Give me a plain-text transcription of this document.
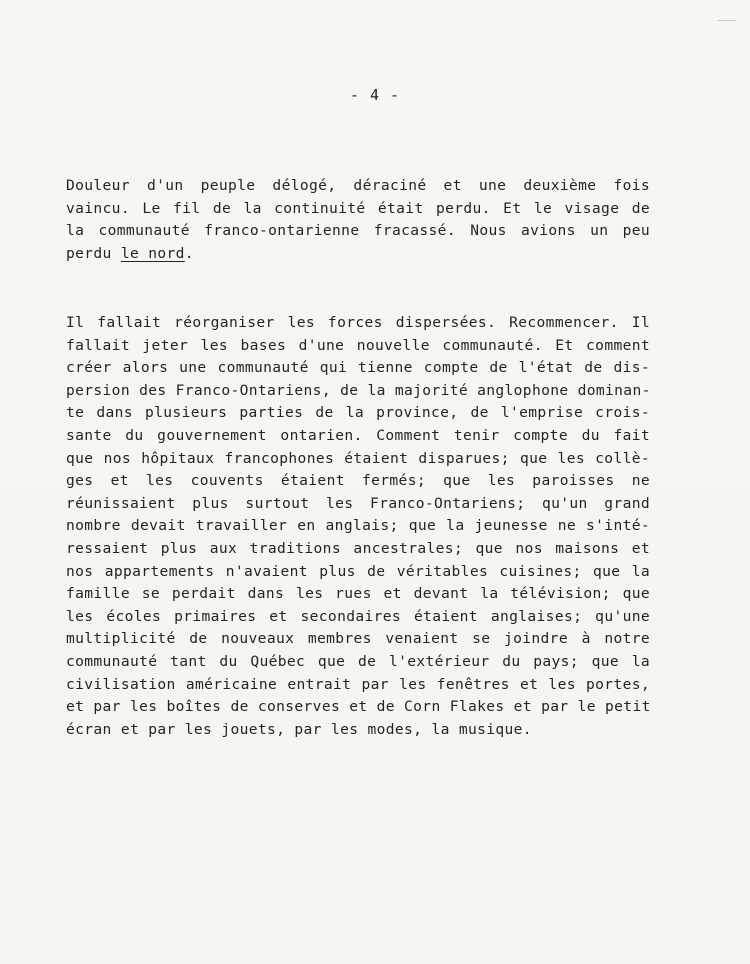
- 4 -
Douleur d'un peuple délogé, déraciné et une deuxième fois
vaincu. Le fil de la continuité était perdu. Et le visage de
la communauté franco-ontarienne fracassé. Nous avions un peu
perdu le nord.
Il fallait réorganiser les forces dispersées. Recommencer. Il
fallait jeter les bases d'une nouvelle communauté. Et comment
créer alors une communauté qui tienne compte de l'état de dis-
persion des Franco-Ontariens, de la majorité anglophone dominan-
te dans plusieurs parties de la province, de l'emprise crois-
sante du gouvernement ontarien. Comment tenir compte du fait
que nos hôpitaux francophones étaient disparues; que les collè-
ges et les couvents étaient fermés; que les paroisses ne
réunissaient plus surtout les Franco-Ontariens; qu'un grand
nombre devait travailler en anglais; que la jeunesse ne s'inté-
ressaient plus aux traditions ancestrales; que nos maisons et
nos appartements n'avaient plus de véritables cuisines; que la
famille se perdait dans les rues et devant la télévision; que
les écoles primaires et secondaires étaient anglaises; qu'une
multiplicité de nouveaux membres venaient se joindre à notre
communauté tant du Québec que de l'extérieur du pays; que la
civilisation américaine entrait par les fenêtres et les portes,
et par les boîtes de conserves et de Corn Flakes et par le petit
écran et par les jouets, par les modes, la musique.
